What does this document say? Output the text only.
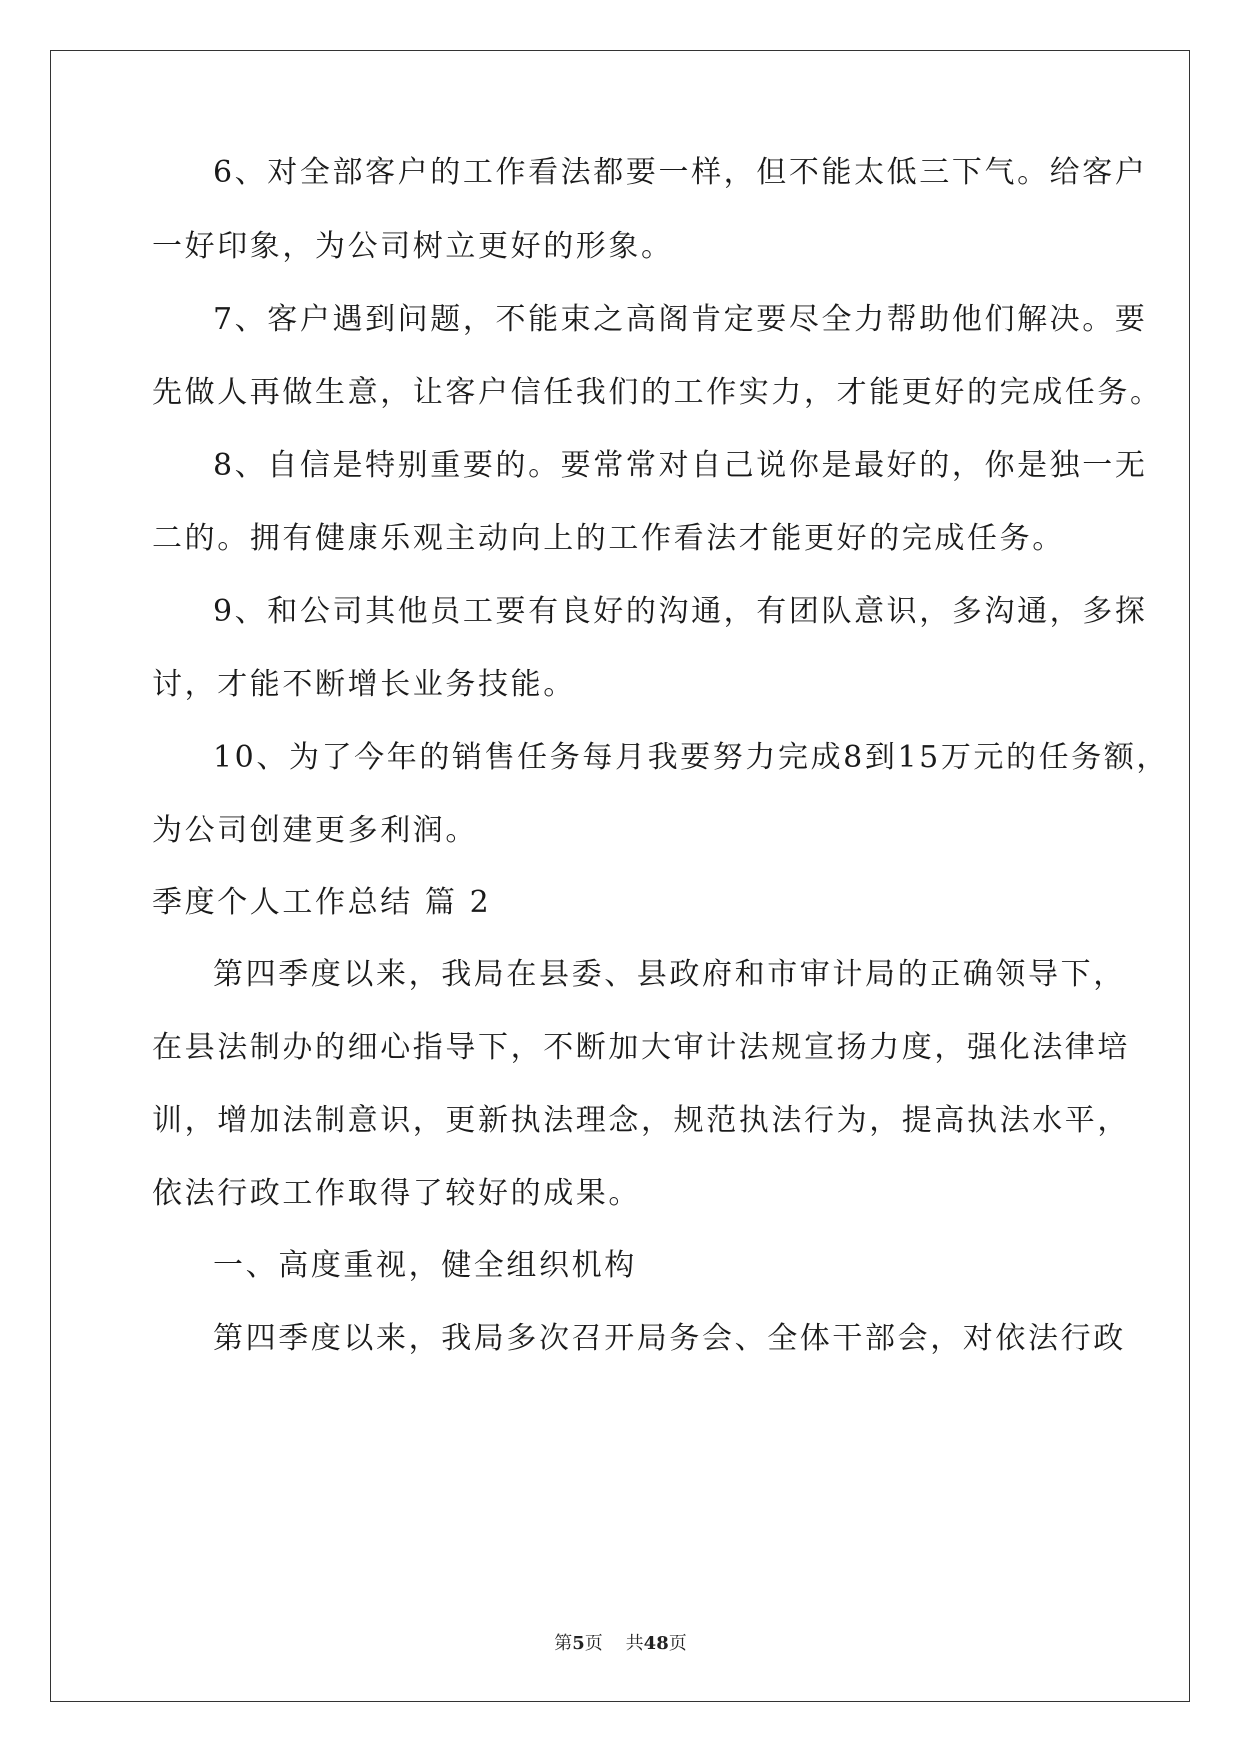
6、对全部客户的工作看法都要一样，但不能太低三下气。给客户
一好印象，为公司树立更好的形象。
7、客户遇到问题，不能束之高阁肯定要尽全力帮助他们解决。要
先做人再做生意，让客户信任我们的工作实力，才能更好的完成任务。
8、自信是特别重要的。要常常对自己说你是最好的，你是独一无
二的。拥有健康乐观主动向上的工作看法才能更好的完成任务。
9、和公司其他员工要有良好的沟通，有团队意识，多沟通，多探
讨，才能不断增长业务技能。
10、为了今年的销售任务每月我要努力完成8到15万元的任务额，
为公司创建更多利润。
季度个人工作总结 篇 2
第四季度以来，我局在县委、县政府和市审计局的正确领导下，
在县法制办的细心指导下，不断加大审计法规宣扬力度，强化法律培
训，增加法制意识，更新执法理念，规范执法行为，提高执法水平，
依法行政工作取得了较好的成果。
一、高度重视，健全组织机构
第四季度以来，我局多次召开局务会、全体干部会，对依法行政
第5页    共48页
